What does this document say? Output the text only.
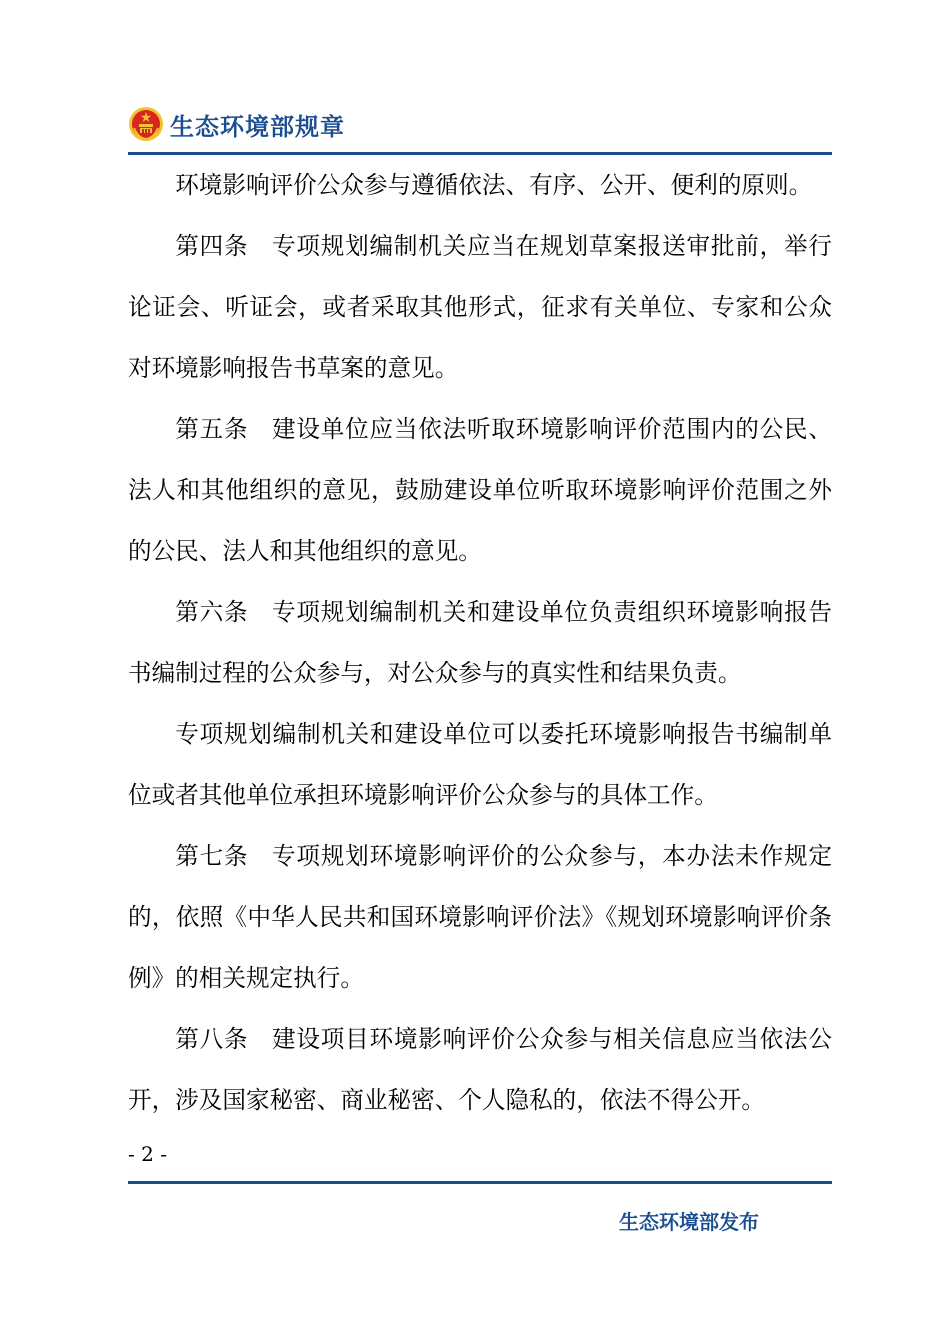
生态环境部规章

环境影响评价公众参与遵循依法、有序、公开、便利的原则。

第四条 专项规划编制机关应当在规划草案报送审批前，举行论证会、听证会，或者采取其他形式，征求有关单位、专家和公众对环境影响报告书草案的意见。

第五条 建设单位应当依法听取环境影响评价范围内的公民、法人和其他组织的意见，鼓励建设单位听取环境影响评价范围之外的公民、法人和其他组织的意见。

第六条 专项规划编制机关和建设单位负责组织环境影响报告书编制过程的公众参与，对公众参与的真实性和结果负责。

专项规划编制机关和建设单位可以委托环境影响报告书编制单位或者其他单位承担环境影响评价公众参与的具体工作。

第七条 专项规划环境影响评价的公众参与，本办法未作规定的，依照《中华人民共和国环境影响评价法》《规划环境影响评价条例》的相关规定执行。

第八条 建设项目环境影响评价公众参与相关信息应当依法公开，涉及国家秘密、商业秘密、个人隐私的，依法不得公开。

- 2 -
生态环境部发布
